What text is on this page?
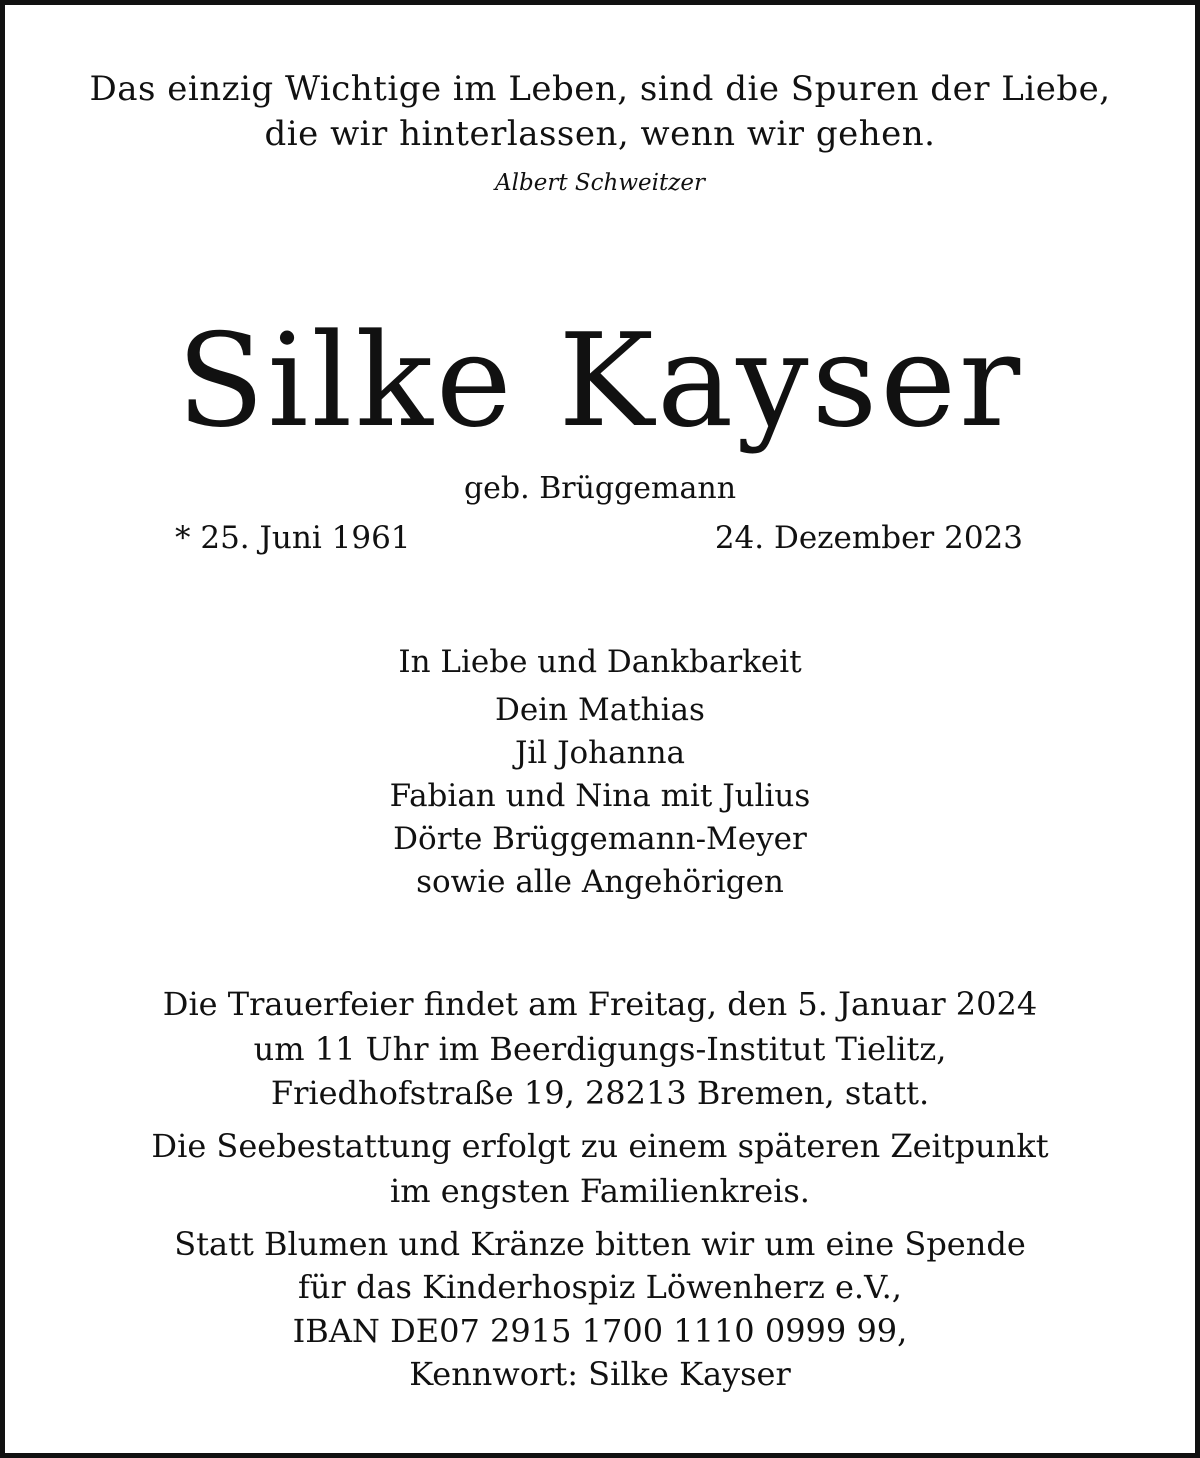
Das einzig Wichtige im Leben, sind die Spuren der Liebe,
die wir hinterlassen, wenn wir gehen.
Albert Schweitzer
Silke Kayser
geb. Brüggemann
* 25. Juni 1961	24. Dezember 2023
In Liebe und Dankbarkeit
Dein Mathias
Jil Johanna
Fabian und Nina mit Julius
Dörte Brüggemann-Meyer
sowie alle Angehörigen
Die Trauerfeier findet am Freitag, den 5. Januar 2024
um 11 Uhr im Beerdigungs-Institut Tielitz,
Friedhofstraße 19, 28213 Bremen, statt.
Die Seebestattung erfolgt zu einem späteren Zeitpunkt
im engsten Familienkreis.
Statt Blumen und Kränze bitten wir um eine Spende
für das Kinderhospiz Löwenherz e.V.,
IBAN DE07 2915 1700 1110 0999 99,
Kennwort: Silke Kayser
